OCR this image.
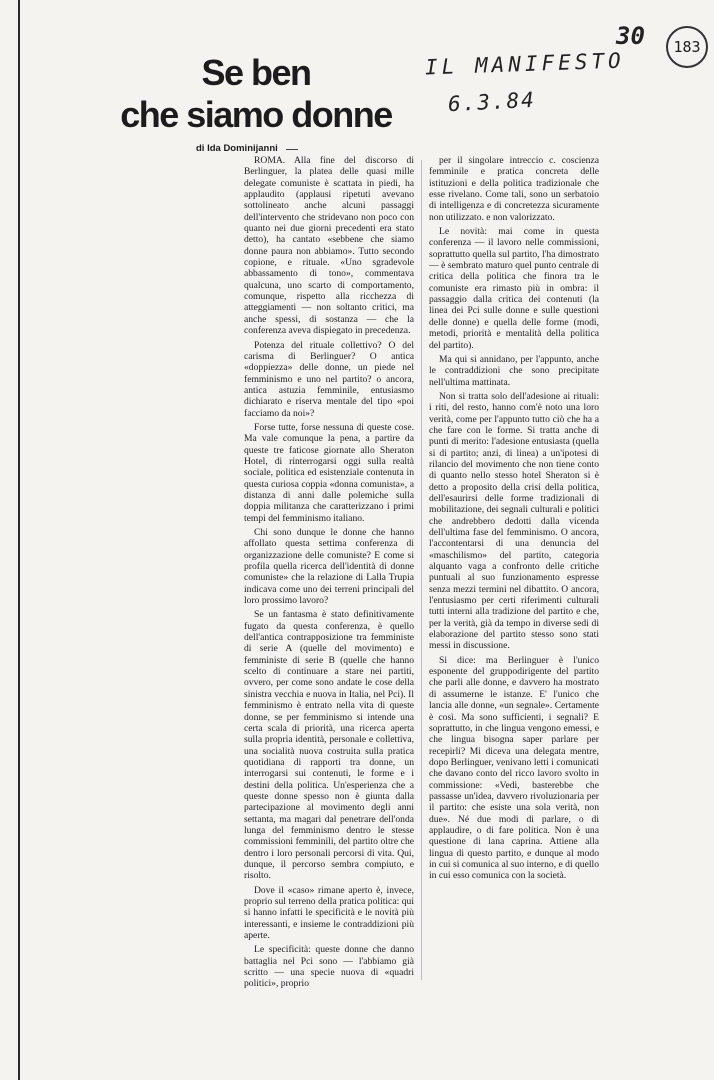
Se ben
che siamo donne
IL MANIFESTO
6.3.84
30	183

di Ida Dominijanni

ROMA. Alla fine del discorso di Berlinguer, la platea delle quasi mille delegate comuniste è scattata in piedi, ha applaudito (applausi ripetuti avevano sottolineato anche alcuni passaggi dell'intervento che stridevano non poco con quanto nei due giorni precedenti era stato detto), ha cantato «sebbene che siamo donne paura non abbiamo». Tutto secondo copione, e rituale. «Uno sgradevole abbassamento di tono», commentava qualcuna, uno scarto di comportamento, comunque, rispetto alla ricchezza di atteggiamenti — non soltanto critici, ma anche spessi, di sostanza — che la conferenza aveva dispiegato in precedenza.

Potenza del rituale collettivo? O del carisma di Berlinguer? O antica «doppiezza» delle donne, un piede nel femminismo e uno nel partito? o ancora, antica astuzia femminile, entusiasmo dichiarato e riserva mentale del tipo «poi facciamo da noi»?

Forse tutte, forse nessuna di queste cose. Ma vale comunque la pena, a partire da queste tre faticose giornate allo Sheraton Hotel, di rinterrogarsi oggi sulla realtà sociale, politica ed esistenziale contenuta in questa curiosa coppia «donna comunista», a distanza di anni dalle polemiche sulla doppia militanza che caratterizzano i primi tempi del femminismo italiano.

Chi sono dunque le donne che hanno affollato questa settima conferenza di organizzazione delle comuniste? E come si profila quella ricerca dell'identità di donne comuniste» che la relazione di Lalla Trupia indicava come uno dei terreni principali del loro prossimo lavoro?

Se un fantasma è stato definitivamente fugato da questa conferenza, è quello dell'antica contrapposizione tra femministe di serie A (quelle del movimento) e femministe di serie B (quelle che hanno scelto di continuare a stare nei partiti, ovvero, per come sono andate le cose della sinistra vecchia e nuova in Italia, nel Pci). Il femminismo è entrato nella vita di queste donne, se per femminismo si intende una certa scala di priorità, una ricerca aperta sulla propria identità, personale e collettiva, una socialità nuova costruita sulla pratica quotidiana di rapporti tra donne, un interrogarsi sui contenuti, le forme e i destini della politica. Un'esperienza che a queste donne spesso non è giunta dalla partecipazione al movimento degli anni settanta, ma magari dal penetrare dell'onda lunga del femminismo dentro le stesse commissioni femminili, del partito oltre che dentro i loro personali percorsi di vita. Qui, dunque, il percorso sembra compiuto, e risolto.

Dove il «caso» rimane aperto è, invece, proprio sul terreno della pratica politica: qui si hanno infatti le specificità e le novità più interessanti, e insieme le contraddizioni più aperte.

Le specificità: queste donne che danno battaglia nel Pci sono — l'abbiamo già scritto — una specie nuova di «quadri politici», proprio

per il singolare intreccio c. coscienza femminile e pratica concreta delle istituzioni e della politica tradizionale che esse rivelano. Come tali, sono un serbatoio di intelligenza e di concretezza sicuramente non utilizzato. e non valorizzato.

Le novità: mai come in questa conferenza — il lavoro nelle commissioni, soprattutto quella sul partito, l'ha dimostrato — è sembrato maturo quel punto centrale di critica della politica che finora tra le comuniste era rimasto più in ombra: il passaggio dalla critica dei contenuti (la linea dei Pci sulle donne e sulle questioni delle donne) e quella delle forme (modi, metodi, priorità e mentalità della politica del partito).

Ma qui si annidano, per l'appunto, anche le contraddizioni che sono precipitate nell'ultima mattinata.

Non si tratta solo dell'adesione ai rituali: i riti, del resto, hanno com'è noto una loro verità, come per l'appunto tutto ciò che ha a che fare con le forme. Si tratta anche di punti di merito: l'adesione entusiasta (quella si di partito; anzi, di linea) a un'ipotesi di rilancio del movimento che non tiene conto di quanto nello stesso hotel Sheraton si è detto a proposito della crisi della politica, dell'esaurirsi delle forme tradizionali di mobilitazione, dei segnali culturali e politici che andrebbero dedotti dalla vicenda dell'ultima fase del femminismo. O ancora, l'accontentarsi di una denuncia del «maschilismo» del partito, categoria alquanto vaga a confronto delle critiche puntuali al suo funzionamento espresse senza mezzi termini nel dibattito. O ancora, l'entusiasmo per certi riferimenti culturali tutti interni alla tradizione del partito e che, per la verità, già da tempo in diverse sedi di elaborazione del partito stesso sono stati messi in discussione.

Si dice: ma Berlinguer è l'unico esponente del gruppodirigente del partito che parli alle donne, e davvero ha mostrato di assumerne le istanze. E' l'unico che lancia alle donne, «un segnale». Certamente è così. Ma sono sufficienti, i segnali? E soprattutto, in che lingua vengono emessi, e che lingua bisogna saper parlare per recepirli? Mi diceva una delegata mentre, dopo Berlinguer, venivano letti i comunicati che davano conto del ricco lavoro svolto in commissione: «Vedi, basterebbe che passasse un'idea, davvero rivoluzionaria per il partito: che esiste una sola verità, non due». Né due modi di parlare, o di applaudire, o di fare politica. Non è una questione di lana caprina. Attiene alla lingua di questo partito, e dunque al modo in cui si comunica al suo interno, e di quello in cui esso comunica con la società.
